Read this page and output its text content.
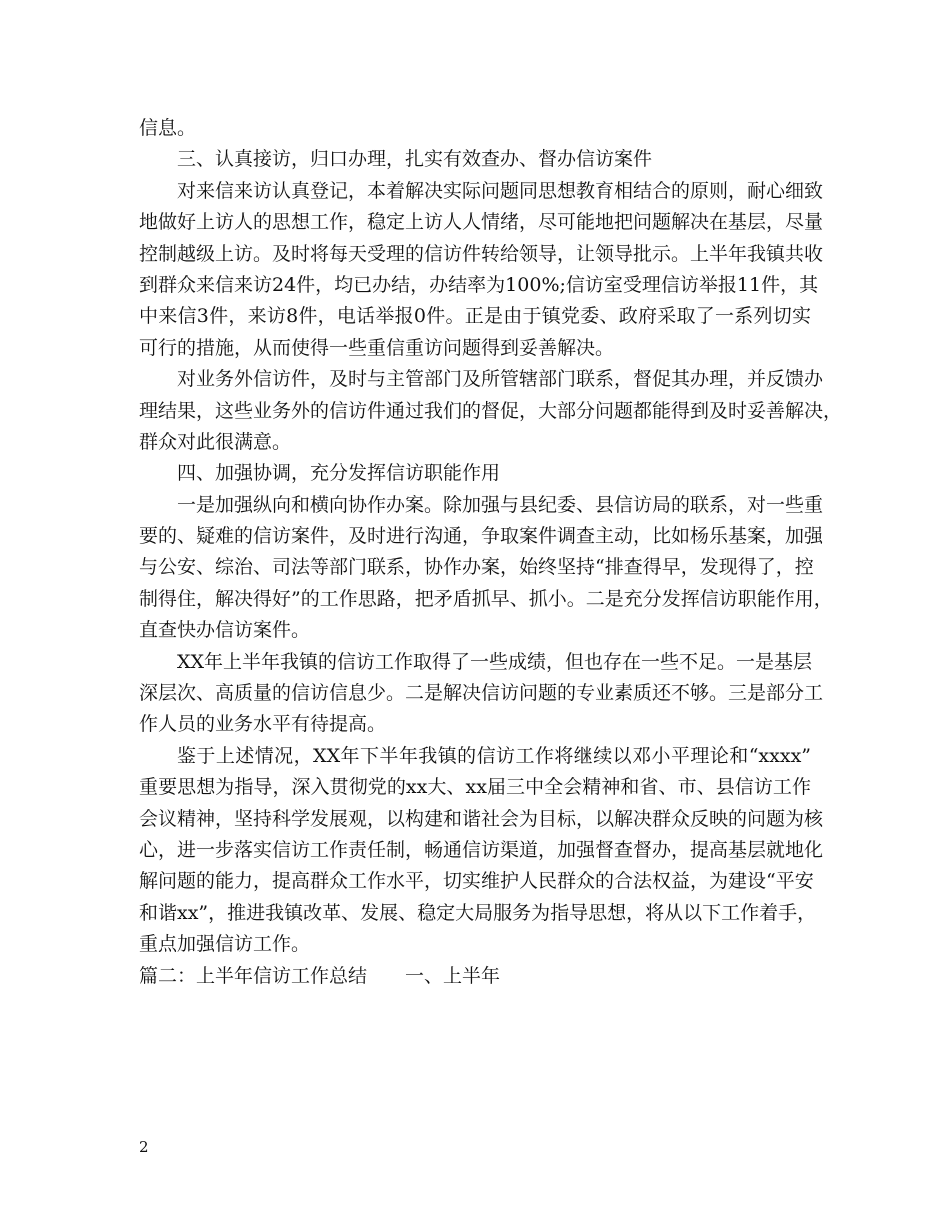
信息。
三、认真接访，归口办理，扎实有效查办、督办信访案件
对来信来访认真登记，本着解决实际问题同思想教育相结合的原则，耐心细致
地做好上访人的思想工作，稳定上访人人情绪，尽可能地把问题解决在基层，尽量
控制越级上访。及时将每天受理的信访件转给领导，让领导批示。上半年我镇共收
到群众来信来访24件，均已办结，办结率为100%;信访室受理信访举报11件，其
中来信3件，来访8件，电话举报0件。正是由于镇党委、政府采取了一系列切实
可行的措施，从而使得一些重信重访问题得到妥善解决。
对业务外信访件，及时与主管部门及所管辖部门联系，督促其办理，并反馈办
理结果，这些业务外的信访件通过我们的督促，大部分问题都能得到及时妥善解决，
群众对此很满意。
四、加强协调，充分发挥信访职能作用
一是加强纵向和横向协作办案。除加强与县纪委、县信访局的联系，对一些重
要的、疑难的信访案件，及时进行沟通，争取案件调查主动，比如杨乐基案，加强
与公安、综治、司法等部门联系，协作办案，始终坚持“排查得早，发现得了，控
制得住，解决得好”的工作思路，把矛盾抓早、抓小。二是充分发挥信访职能作用，
直查快办信访案件。
XX年上半年我镇的信访工作取得了一些成绩，但也存在一些不足。一是基层
深层次、高质量的信访信息少。二是解决信访问题的专业素质还不够。三是部分工
作人员的业务水平有待提高。
鉴于上述情况，XX年下半年我镇的信访工作将继续以邓小平理论和“xxxx”
重要思想为指导，深入贯彻党的xx大、xx届三中全会精神和省、市、县信访工作
会议精神，坚持科学发展观，以构建和谐社会为目标，以解决群众反映的问题为核
心，进一步落实信访工作责任制，畅通信访渠道，加强督查督办，提高基层就地化
解问题的能力，提高群众工作水平，切实维护人民群众的合法权益，为建设“平安
和谐xx”，推进我镇改革、发展、稳定大局服务为指导思想，将从以下工作着手，
重点加强信访工作。
篇二：上半年信访工作总结　　一、上半年
2
